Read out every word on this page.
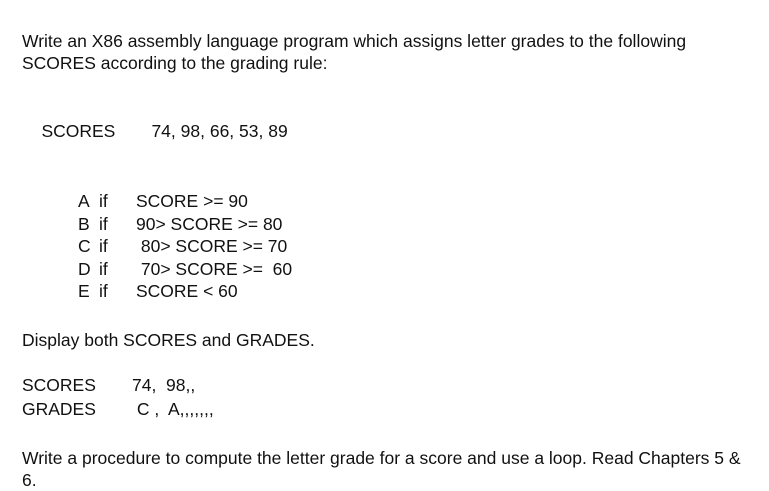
Write an X86 assembly language program which assigns letter grades to the following SCORES according to the grading rule:

SCORES 74, 98, 66, 53, 89

A if	SCORE >= 90
B if	90> SCORE >= 80
C if	80> SCORE >= 70
D if	70> SCORE >=  60
E if	SCORE < 60

Display both SCORES and GRADES.

SCORES	74,  98,,
GRADES	C ,  A,,,,,,,

Write a procedure to compute the letter grade for a score and use a loop. Read Chapters 5 & 6.
